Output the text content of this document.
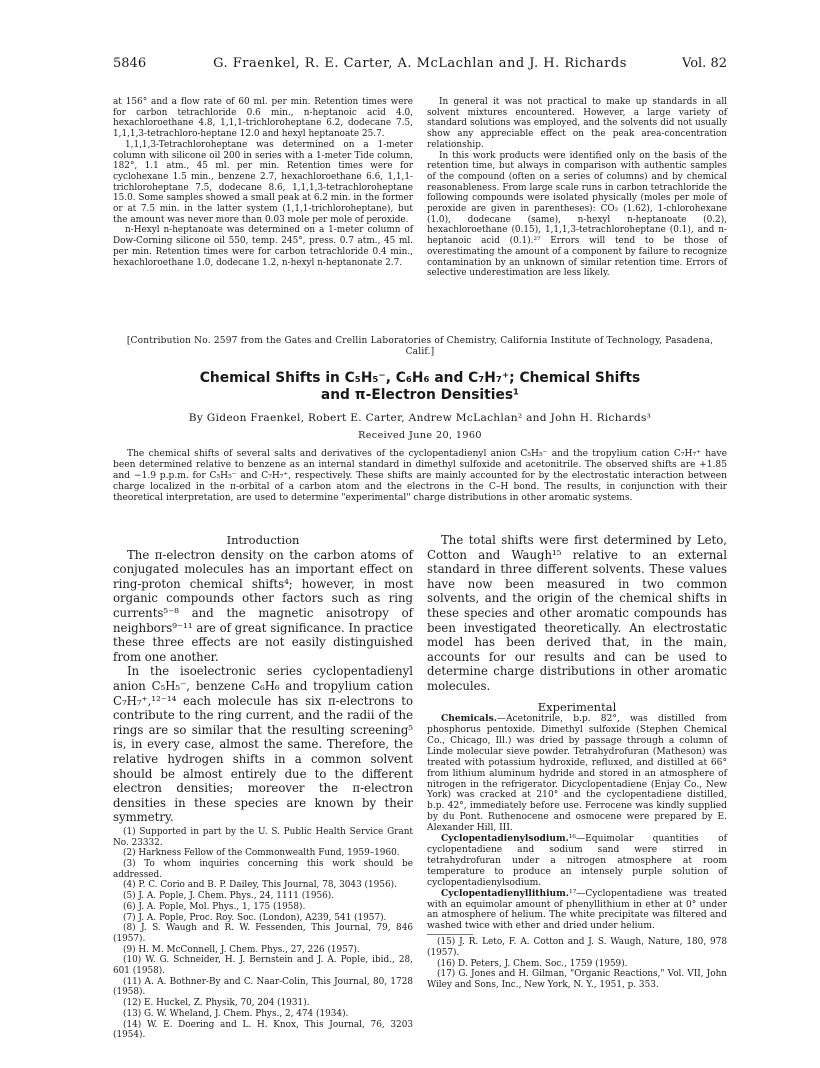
5846	G. Fraenkel, R. E. Carter, A. McLachlan and J. H. Richards	Vol. 82

at 156° and a flow rate of 60 ml. per min. Retention times were for carbon tetrachloride 0.6 min., n-heptanoic acid 4.0, hexachloroethane 4.8, 1,1,1-trichloroheptane 6.2, dodecane 7.5, 1,1,1,3-tetrachloro-heptane 12.0 and hexyl heptanoate 25.7.

1,1,1,3-Tetrachloroheptane was determined on a 1-meter column with silicone oil 200 in series with a 1-meter Tide column, 182°, 1.1 atm., 45 ml. per min. Retention times were for cyclohexane 1.5 min., benzene 2.7, hexachloroethane 6.6, 1,1,1-trichloroheptane 7.5, dodecane 8.6, 1,1,1,3-tetrachloroheptane 15.0. Some samples showed a small peak at 6.2 min. in the former or at 7.5 min. in the latter system (1,1,1-trichloroheptane), but the amount was never more than 0.03 mole per mole of peroxide.

n-Hexyl n-heptanoate was determined on a 1-meter column of Dow-Corning silicone oil 550, temp. 245°, press. 0.7 atm., 45 ml. per min. Retention times were for carbon tetrachloride 0.4 min., hexachloroethane 1.0, dodecane 1.2, n-hexyl n-heptanonate 2.7.

In general it was not practical to make up standards in all solvent mixtures encountered. However, a large variety of standard solutions was employed, and the solvents did not usually show any appreciable effect on the peak area-concentration relationship.

In this work products were identified only on the basis of the retention time, but always in comparison with authentic samples of the compound (often on a series of columns) and by chemical reasonableness. From large scale runs in carbon tetrachloride the following compounds were isolated physically (moles per mole of peroxide are given in parentheses): CO₂ (1.62), 1-chlorohexane (1.0), dodecane (same), n-hexyl n-heptanoate (0.2), hexachloroethane (0.15), 1,1,1,3-tetrachloroheptane (0.1), and n-heptanoic acid (0.1).²⁷ Errors will tend to be those of overestimating the amount of a component by failure to recognize contamination by an unknown of similar retention time. Errors of selective underestimation are less likely.

[Contribution No. 2597 from the Gates and Crellin Laboratories of Chemistry, California Institute of Technology, Pasadena, Calif.]
Chemical Shifts in C₅H₅⁻, C₆H₆ and C₇H₇⁺; Chemical Shifts
and π-Electron Densities¹
By Gideon Fraenkel, Robert E. Carter, Andrew McLachlan² and John H. Richards³
Received June 20, 1960

The chemical shifts of several salts and derivatives of the cyclopentadienyl anion C₅H₅⁻ and the tropylium cation C₇H₇⁺ have been determined relative to benzene as an internal standard in dimethyl sulfoxide and acetonitrile. The observed shifts are +1.85 and −1.9 p.p.m. for C₅H₅⁻ and C₇H₇⁺, respectively. These shifts are mainly accounted for by the electrostatic interaction between charge localized in the π-orbital of a carbon atom and the electrons in the C–H bond. The results, in conjunction with their theoretical interpretation, are used to determine "experimental" charge distributions in other aromatic systems.

Introduction

The π-electron density on the carbon atoms of conjugated molecules has an important effect on ring-proton chemical shifts⁴; however, in most organic compounds other factors such as ring currents⁵⁻⁸ and the magnetic anisotropy of neighbors⁹⁻¹¹ are of great significance. In practice these three effects are not easily distinguished from one another.

In the isoelectronic series cyclopentadienyl anion C₅H₅⁻, benzene C₆H₆ and tropylium cation C₇H₇⁺,¹²⁻¹⁴ each molecule has six π-electrons to contribute to the ring current, and the radii of the rings are so similar that the resulting screening⁵ is, in every case, almost the same. Therefore, the relative hydrogen shifts in a common solvent should be almost entirely due to the different electron densities; moreover the π-electron densities in these species are known by their symmetry.

(1) Supported in part by the U. S. Public Health Service Grant No. 23332.

(2) Harkness Fellow of the Commonwealth Fund, 1959–1960.

(3) To whom inquiries concerning this work should be addressed.

(4) P. C. Corio and B. P. Dailey, This Journal, 78, 3043 (1956).

(5) J. A. Pople, J. Chem. Phys., 24, 1111 (1956).

(6) J. A. Pople, Mol. Phys., 1, 175 (1958).

(7) J. A. Pople, Proc. Roy. Soc. (London), A239, 541 (1957).

(8) J. S. Waugh and R. W. Fessenden, This Journal, 79, 846 (1957).

(9) H. M. McConnell, J. Chem. Phys., 27, 226 (1957).

(10) W. G. Schneider, H. J. Bernstein and J. A. Pople, ibid., 28, 601 (1958).

(11) A. A. Bothner-By and C. Naar-Colin, This Journal, 80, 1728 (1958).

(12) E. Huckel, Z. Physik, 70, 204 (1931).

(13) G. W. Wheland, J. Chem. Phys., 2, 474 (1934).

(14) W. E. Doering and L. H. Knox, This Journal, 76, 3203 (1954).

The total shifts were first determined by Leto, Cotton and Waugh¹⁵ relative to an external standard in three different solvents. These values have now been measured in two common solvents, and the origin of the chemical shifts in these species and other aromatic compounds has been investigated theoretically. An electrostatic model has been derived that, in the main, accounts for our results and can be used to determine charge distributions in other aromatic molecules.

Experimental

Chemicals.—Acetonitrile, b.p. 82°, was distilled from phosphorus pentoxide. Dimethyl sulfoxide (Stephen Chemical Co., Chicago, Ill.) was dried by passage through a column of Linde molecular sieve powder. Tetrahydrofuran (Matheson) was treated with potassium hydroxide, refluxed, and distilled at 66° from lithium aluminum hydride and stored in an atmosphere of nitrogen in the refrigerator. Dicyclopentadiene (Enjay Co., New York) was cracked at 210° and the cyclopentadiene distilled, b.p. 42°, immediately before use. Ferrocene was kindly supplied by du Pont. Ruthenocene and osmocene were prepared by E. Alexander Hill, III.

Cyclopentadienylsodium.¹⁶—Equimolar quantities of cyclopentadiene and sodium sand were stirred in tetrahydrofuran under a nitrogen atmosphere at room temperature to produce an intensely purple solution of cyclopentadienylsodium.

Cyclopentadienyllithium.¹⁷—Cyclopentadiene was treated with an equimolar amount of phenyllithium in ether at 0° under an atmosphere of helium. The white precipitate was filtered and washed twice with ether and dried under helium.

(15) J. R. Leto, F. A. Cotton and J. S. Waugh, Nature, 180, 978 (1957).

(16) D. Peters, J. Chem. Soc., 1759 (1959).

(17) G. Jones and H. Gilman, "Organic Reactions," Vol. VII, John Wiley and Sons, Inc., New York, N. Y., 1951, p. 353.
